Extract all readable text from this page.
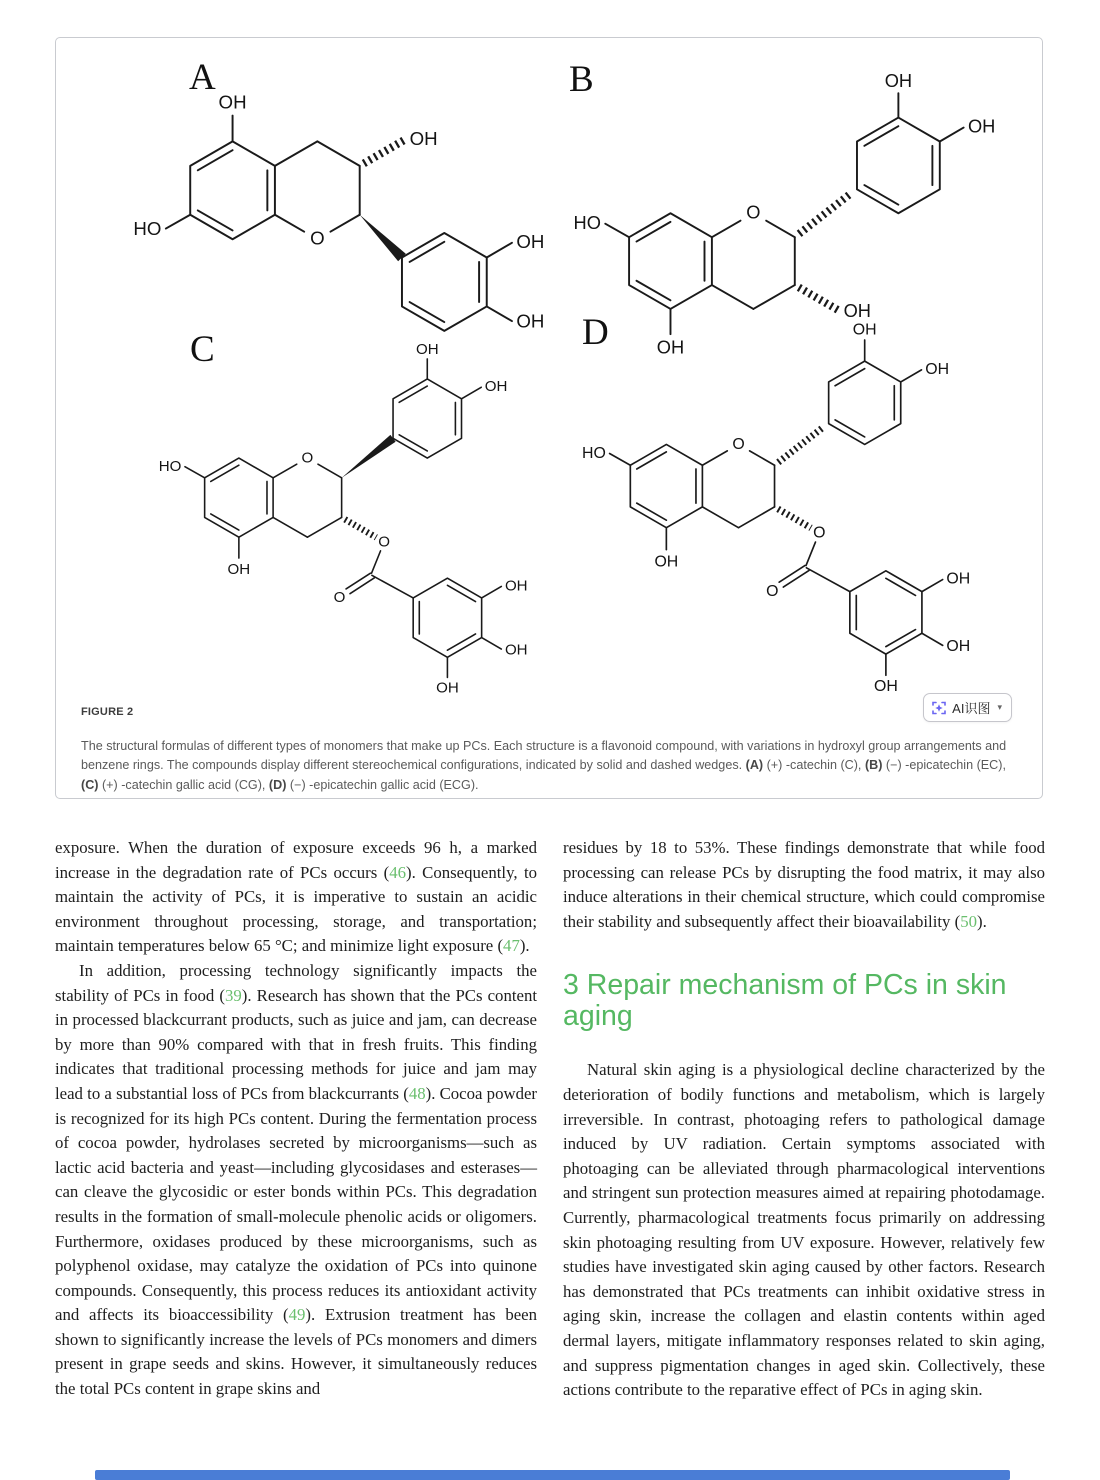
A	B
C	D
OH
HO	O
OH
OH
OH
HO
OH
O
OH
OH
OH
HO
OH
O
OH
OH
O
O
OH
OH
OH
HO
OH
O
OH
OH
O
O
OH
OH
OH
AI识图 ▾
FIGURE 2

The structural formulas of different types of monomers that make up PCs. Each structure is a flavonoid compound, with variations in hydroxyl group arrangements and benzene rings. The compounds display different stereochemical configurations, indicated by solid and dashed wedges. (A) (+) -catechin (C), (B) (−) -epicatechin (EC), (C) (+) -catechin gallic acid (CG), (D) (−) -epicatechin gallic acid (ECG).

exposure. When the duration of exposure exceeds 96 h, a marked increase in the degradation rate of PCs occurs (46). Consequently, to maintain the activity of PCs, it is imperative to sustain an acidic environment throughout processing, storage, and transportation; maintain temperatures below 65 °C; and minimize light exposure (47).

In addition, processing technology significantly impacts the stability of PCs in food (39). Research has shown that the PCs content in processed blackcurrant products, such as juice and jam, can decrease by more than 90% compared with that in fresh fruits. This finding indicates that traditional processing methods for juice and jam may lead to a substantial loss of PCs from blackcurrants (48). Cocoa powder is recognized for its high PCs content. During the fermentation process of cocoa powder, hydrolases secreted by microorganisms—such as lactic acid bacteria and yeast—including glycosidases and esterases—can cleave the glycosidic or ester bonds within PCs. This degradation results in the formation of small-molecule phenolic acids or oligomers. Furthermore, oxidases produced by these microorganisms, such as polyphenol oxidase, may catalyze the oxidation of PCs into quinone compounds. Consequently, this process reduces its antioxidant activity and affects its bioaccessibility (49). Extrusion treatment has been shown to significantly increase the levels of PCs monomers and dimers present in grape seeds and skins. However, it simultaneously reduces the total PCs content in grape skins and

residues by 18 to 53%. These findings demonstrate that while food processing can release PCs by disrupting the food matrix, it may also induce alterations in their chemical structure, which could compromise their stability and subsequently affect their bioavailability (50).

3 Repair mechanism of PCs in skin aging

Natural skin aging is a physiological decline characterized by the deterioration of bodily functions and metabolism, which is largely irreversible. In contrast, photoaging refers to pathological damage induced by UV radiation. Certain symptoms associated with photoaging can be alleviated through pharmacological interventions and stringent sun protection measures aimed at repairing photodamage. Currently, pharmacological treatments focus primarily on addressing skin photoaging resulting from UV exposure. However, relatively few studies have investigated skin aging caused by other factors. Research has demonstrated that PCs treatments can inhibit oxidative stress in aging skin, increase the collagen and elastin contents within aged dermal layers, mitigate inflammatory responses related to skin aging, and suppress pigmentation changes in aged skin. Collectively, these actions contribute to the reparative effect of PCs in aging skin.
